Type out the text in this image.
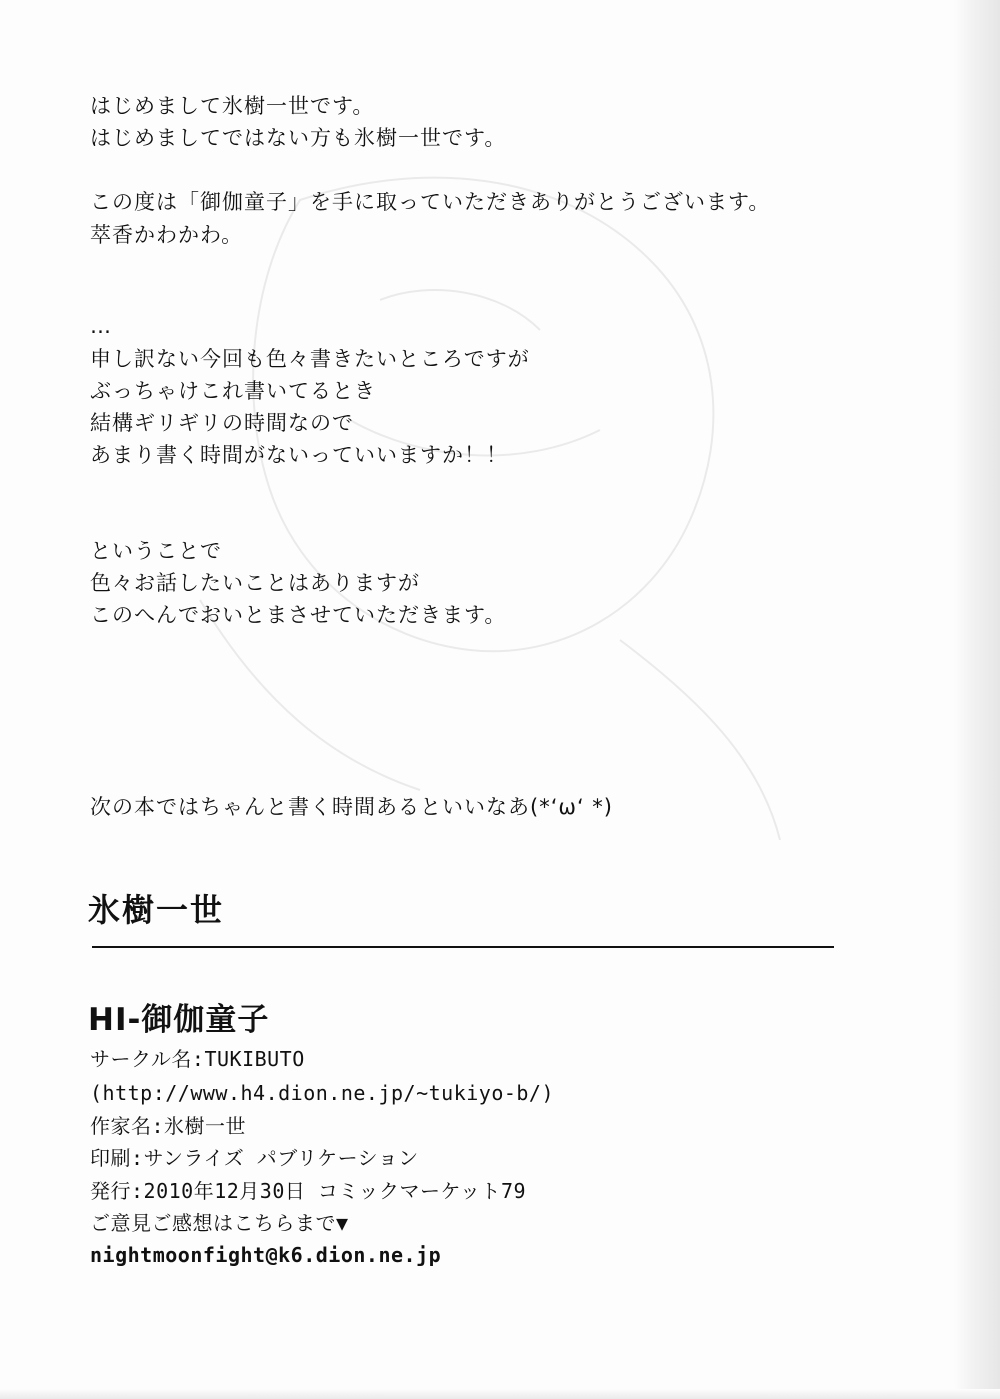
はじめまして氷樹一世です。
はじめましてではない方も氷樹一世です。
この度は「御伽童子」を手に取っていただきありがとうございます。
萃香かわかわ。
…
申し訳ない今回も色々書きたいところですが
ぶっちゃけこれ書いてるとき
結構ギリギリの時間なので
あまり書く時間がないっていいますか！！
ということで
色々お話したいことはありますが
このへんでおいとまさせていただきます。
次の本ではちゃんと書く時間あるといいなあ(*‘ω‘ *)
氷樹一世
HI-御伽童子
サークル名:TUKIBUTO
(http://www.h4.dion.ne.jp/~tukiyo-b/)
作家名:氷樹一世
印刷:サンライズ パブリケーション
発行:2010年12月30日 コミックマーケット79
ご意見ご感想はこちらまで▼
nightmoonfight@k6.dion.ne.jp
